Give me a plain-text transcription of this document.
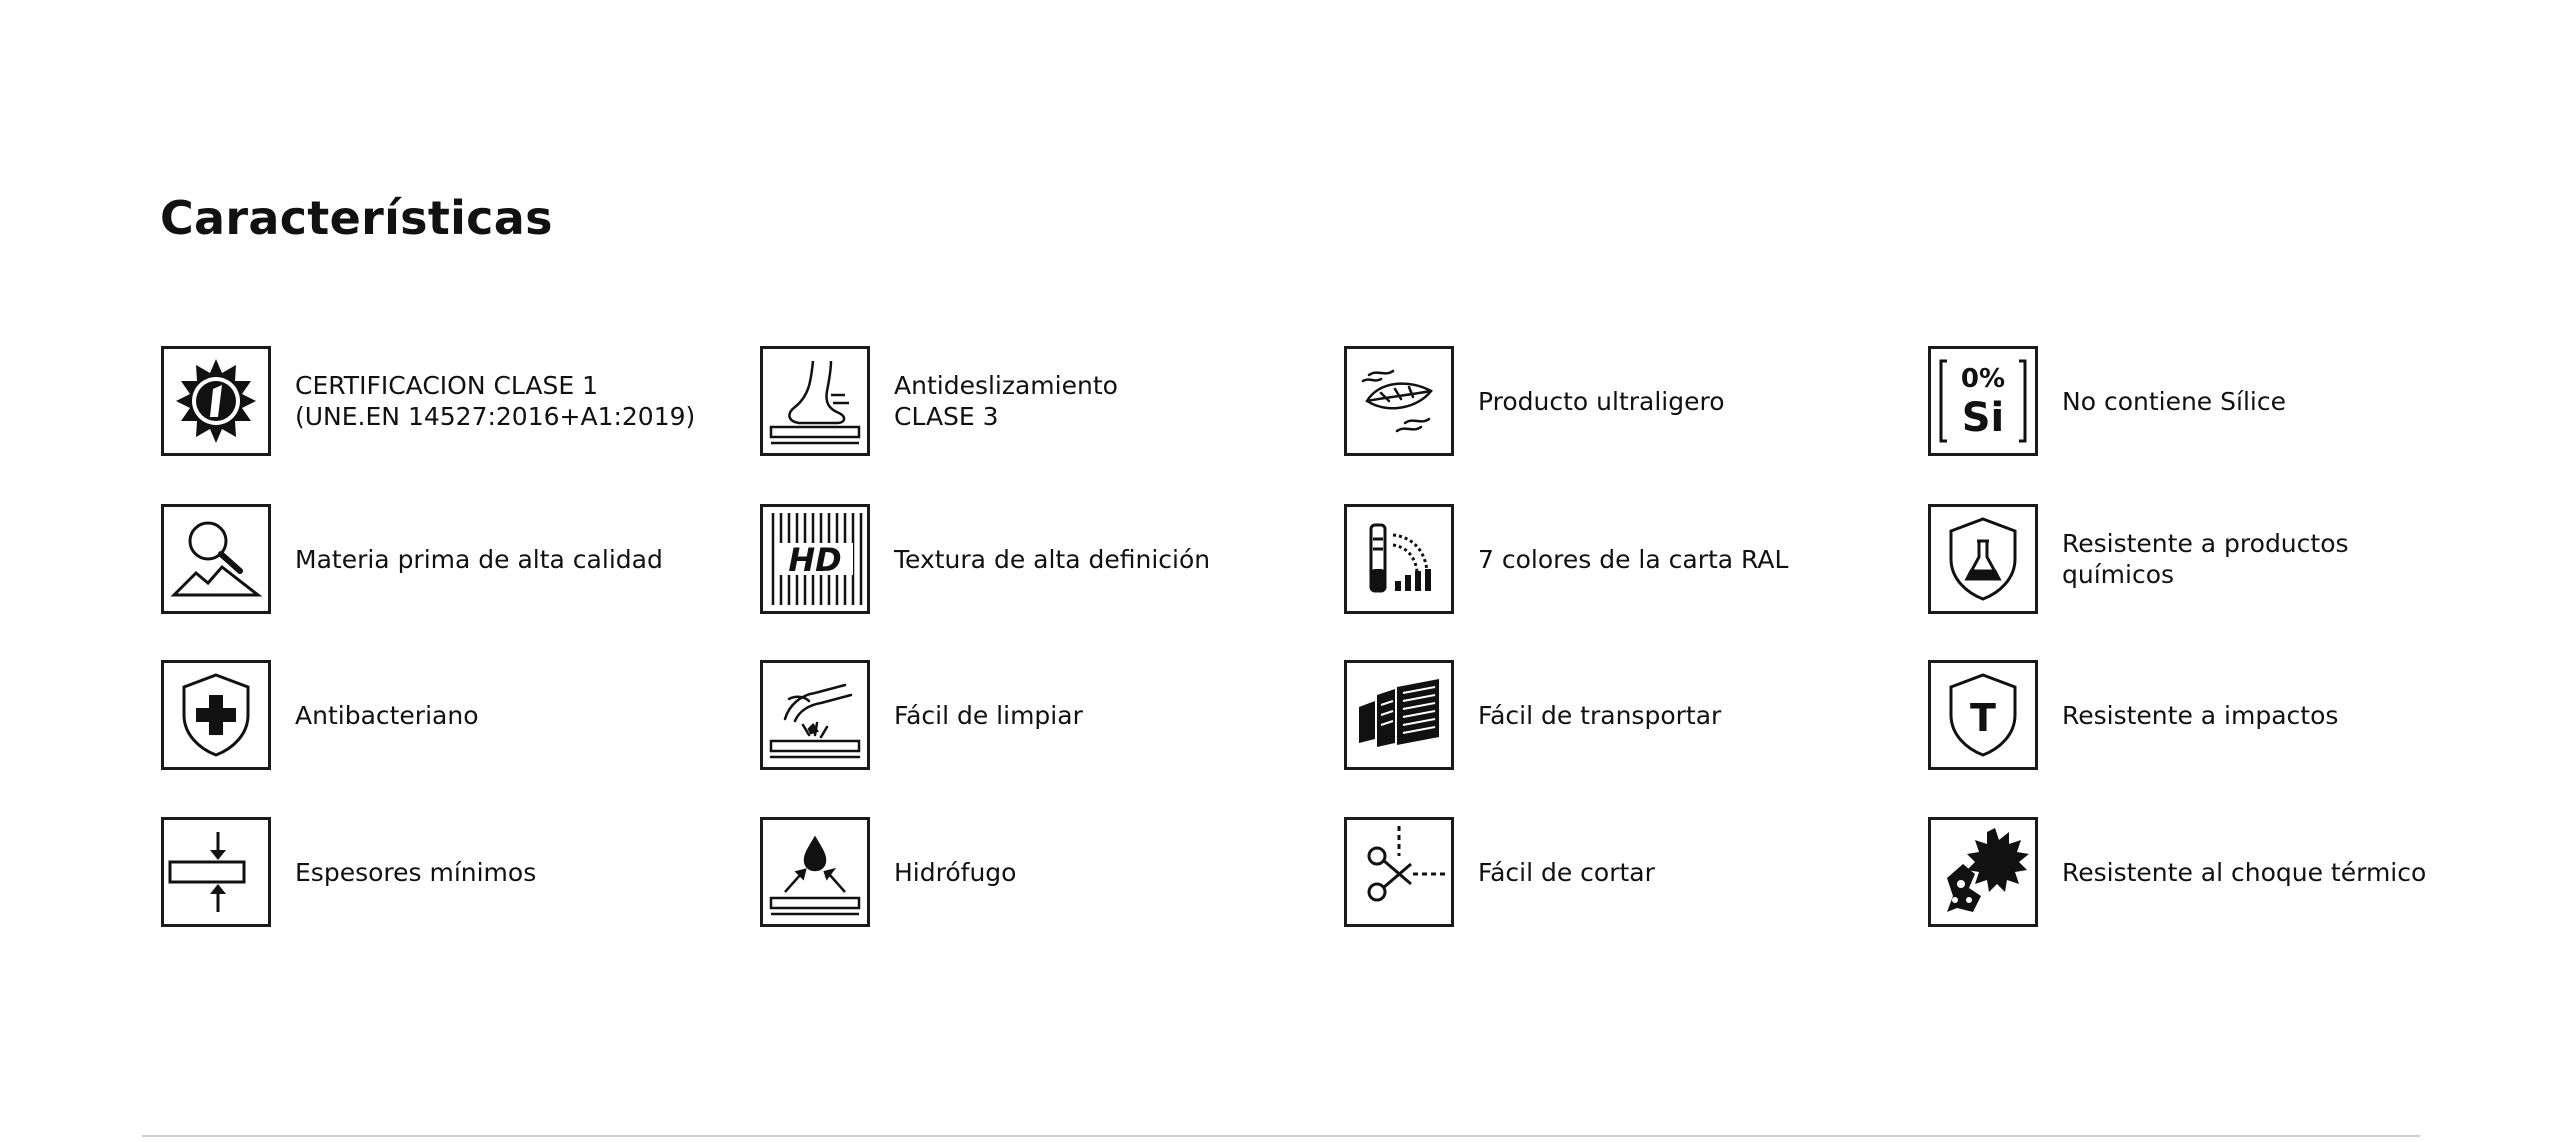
Características
CERTIFICACION CLASE 1
(UNE.EN 14527:2016+A1:2019)
Antideslizamiento
CLASE 3
Producto ultraligero
0%
Si No contiene Sílice
Materia prima de alta calidad	HD Textura de alta definición	7 colores de la carta RAL
Resistente a productos
químicos
Antibacteriano	Fácil de limpiar	Fácil de transportar	T	Resistente a impactos
Espesores mínimos	Hidrófugo	Fácil de cortar	Resistente al choque térmico
